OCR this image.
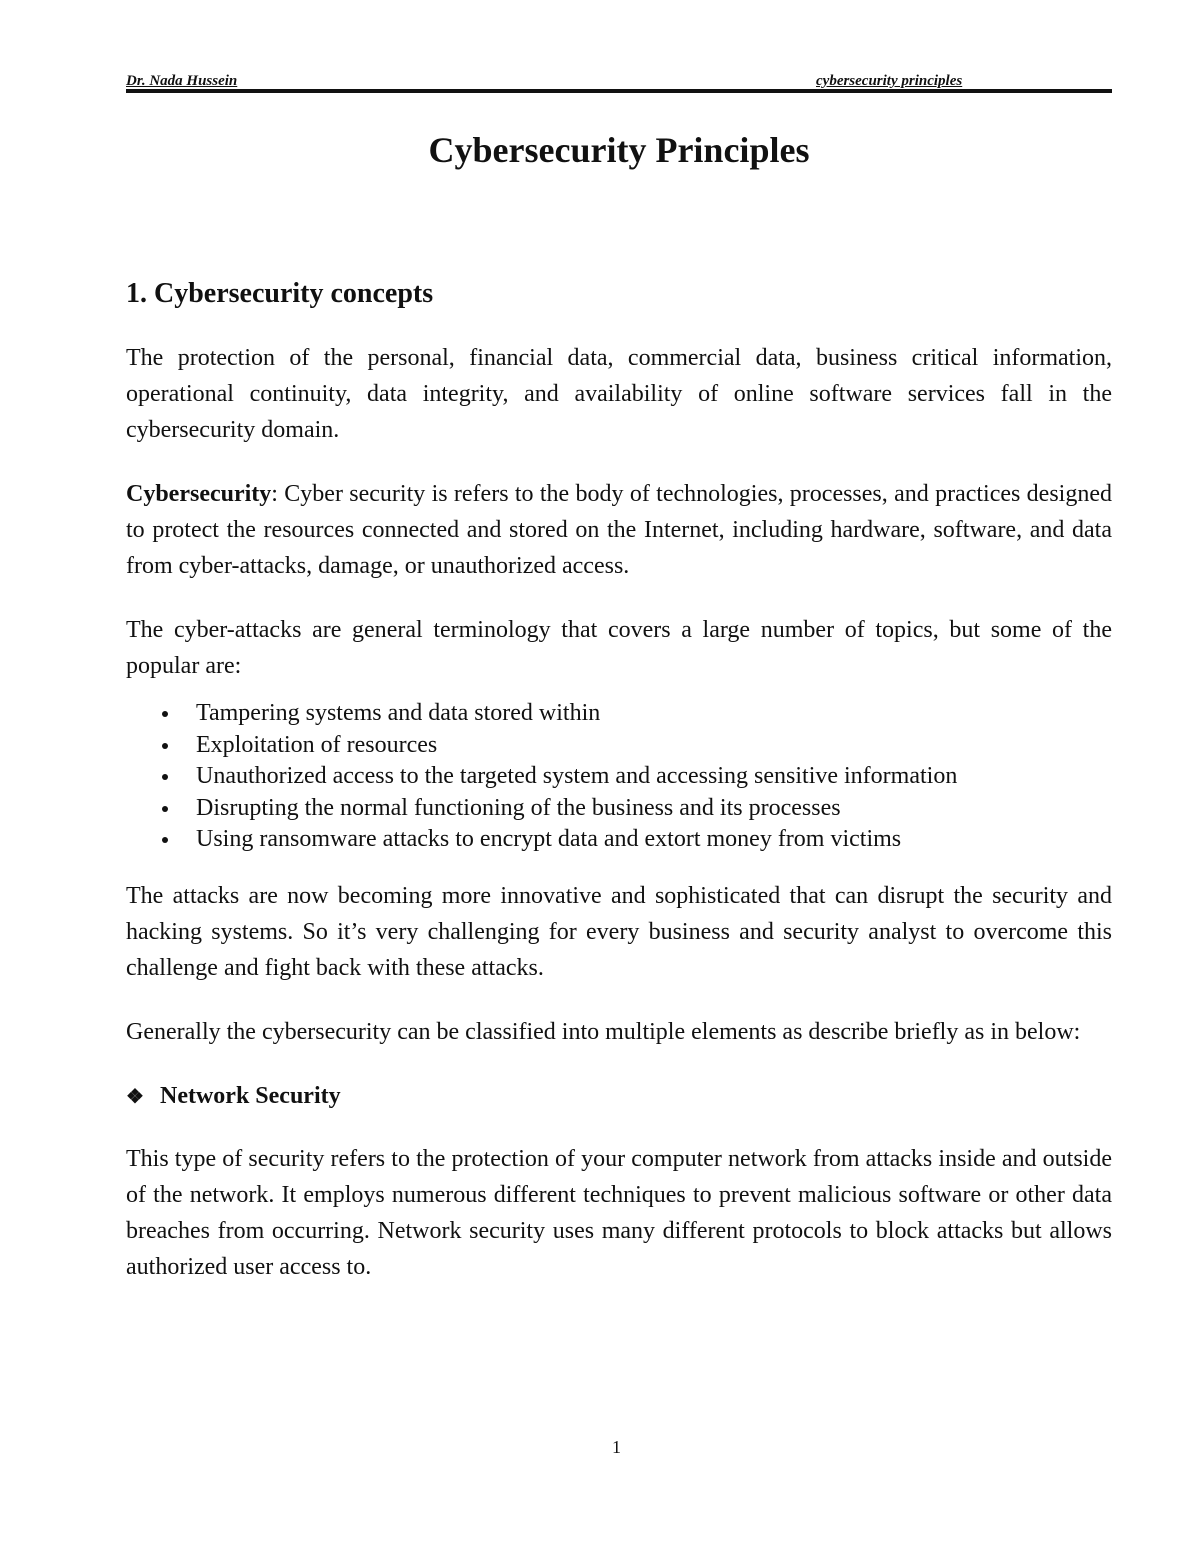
Dr. Nada Hussein	cybersecurity principles
Cybersecurity Principles
1. Cybersecurity concepts

The protection of the personal, financial data, commercial data, business critical information, operational continuity, data integrity, and availability of online software services fall in the cybersecurity domain.

Cybersecurity: Cyber security is refers to the body of technologies, processes, and practices designed to protect the resources connected and stored on the Internet, including hardware, software, and data from cyber-attacks, damage, or unauthorized access.

The cyber-attacks are general terminology that covers a large number of topics, but some of the popular are:

Tampering systems and data stored within
Exploitation of resources
Unauthorized access to the targeted system and accessing sensitive information
Disrupting the normal functioning of the business and its processes
Using ransomware attacks to encrypt data and extort money from victims

The attacks are now becoming more innovative and sophisticated that can disrupt the security and hacking systems. So it’s very challenging for every business and security analyst to overcome this challenge and fight back with these attacks.

Generally the cybersecurity can be classified into multiple elements as describe briefly as in below:

❖ Network Security

This type of security refers to the protection of your computer network from attacks inside and outside of the network. It employs numerous different techniques to prevent malicious software or other data breaches from occurring. Network security uses many different protocols to block attacks but allows authorized user access to.

1
